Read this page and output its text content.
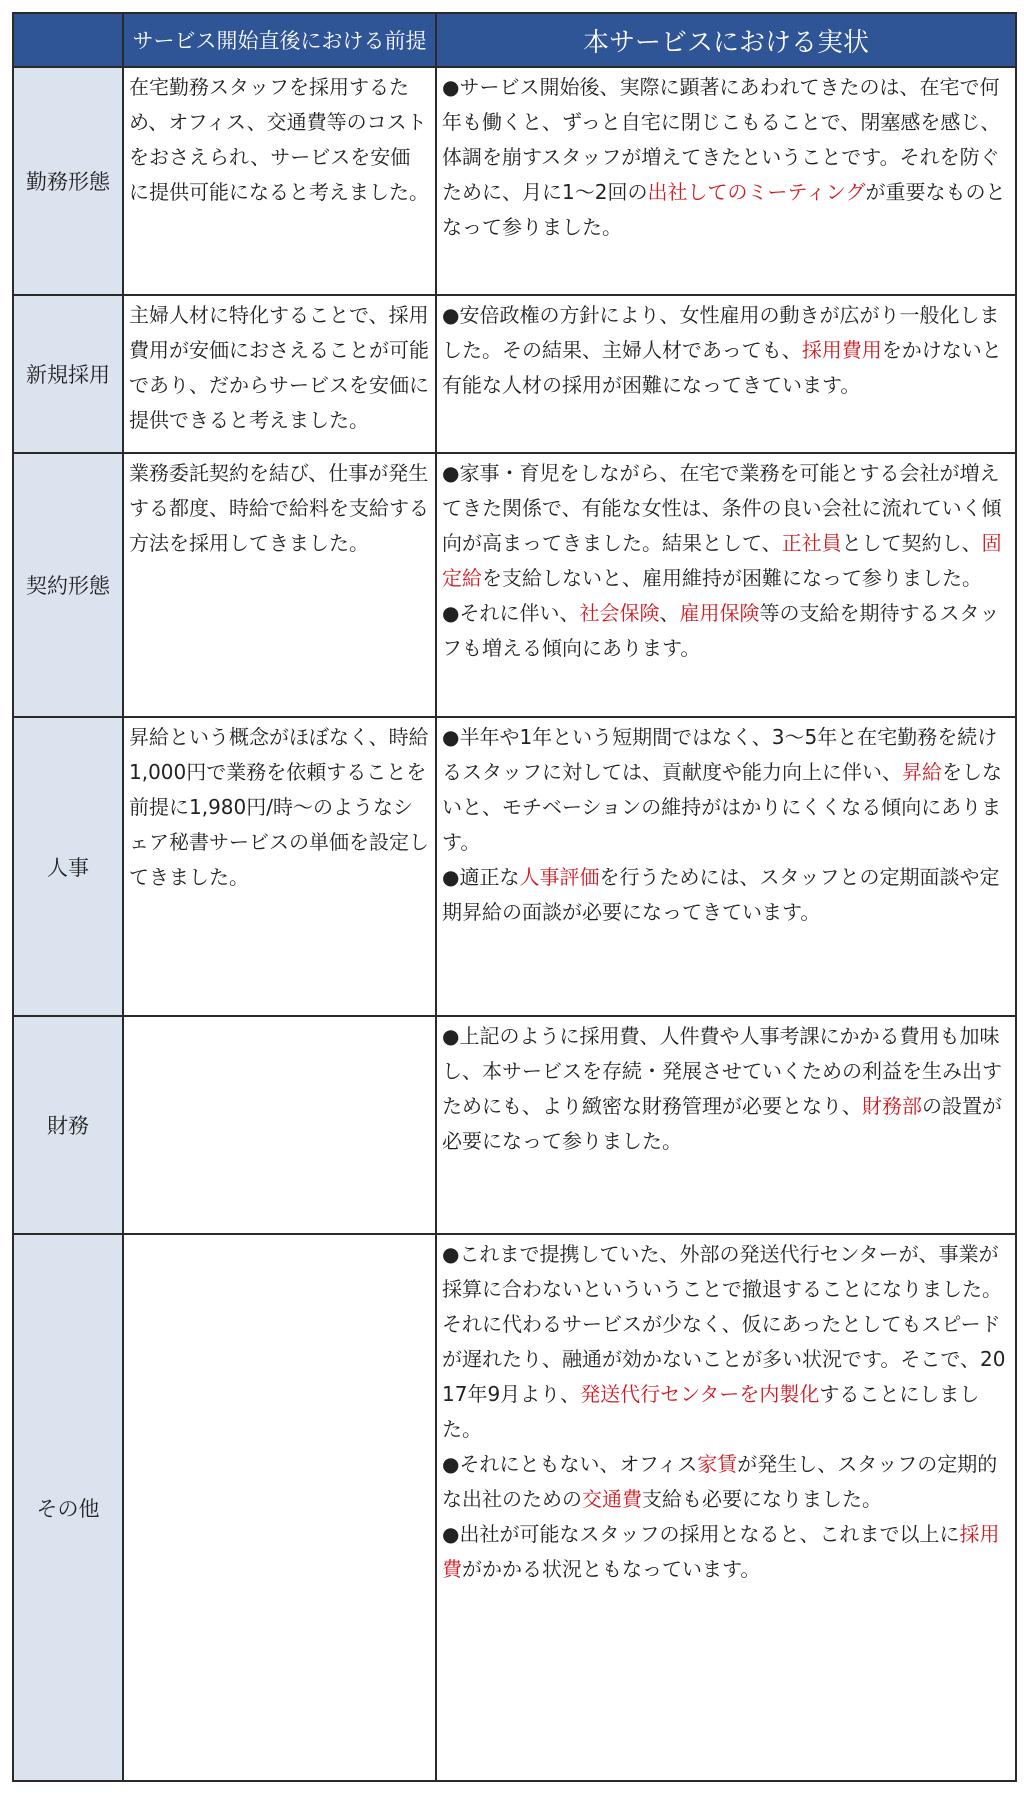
	サービス開始直後における前提	本サービスにおける実状
勤務形態	在宅勤務スタッフを採用するため、オフィス、交通費等のコストをおさえられ、サービスを安価に提供可能になると考えました。	●サービス開始後、実際に顕著にあわれてきたのは、在宅で何年も働くと、ずっと自宅に閉じこもることで、閉塞感を感じ、体調を崩すスタッフが増えてきたということです。それを防ぐために、月に1〜2回の出社してのミーティングが重要なものとなって参りました。

新規採用	主婦人材に特化することで、採用費用が安価におさえることが可能であり、だからサービスを安価に提供できると考えました。	●安倍政権の方針により、女性雇用の動きが広がり一般化しました。その結果、主婦人材であっても、採用費用をかけないと有能な人材の採用が困難になってきています。

契約形態	業務委託契約を結び、仕事が発生する都度、時給で給料を支給する方法を採用してきました。	●家事・育児をしながら、在宅で業務を可能とする会社が増えてきた関係で、有能な女性は、条件の良い会社に流れていく傾向が高まってきました。結果として、正社員として契約し、固定給を支給しないと、雇用維持が困難になって参りました。
●それに伴い、社会保険、雇用保険等の支給を期待するスタッフも増える傾向にあります。

人事	昇給という概念がほぼなく、時給1,000円で業務を依頼することを前提に1,980円/時〜のようなシェア秘書サービスの単価を設定してきました。	●半年や1年という短期間ではなく、3〜5年と在宅勤務を続けるスタッフに対しては、貢献度や能力向上に伴い、昇給をしないと、モチベーションの維持がはかりにくくなる傾向にあります。
●適正な人事評価を行うためには、スタッフとの定期面談や定期昇給の面談が必要になってきています。

財務		●上記のように採用費、人件費や人事考課にかかる費用も加味し、本サービスを存続・発展させていくための利益を生み出すためにも、より緻密な財務管理が必要となり、財務部の設置が必要になって参りました。

その他		●これまで提携していた、外部の発送代行センターが、事業が採算に合わないといういうことで撤退することになりました。それに代わるサービスが少なく、仮にあったとしてもスピードが遅れたり、融通が効かないことが多い状況です。そこで、2017年9月より、発送代行センターを内製化することにしました。
●それにともない、オフィス家賃が発生し、スタッフの定期的な出社のための交通費支給も必要になりました。
●出社が可能なスタッフの採用となると、これまで以上に採用費がかかる状況ともなっています。
